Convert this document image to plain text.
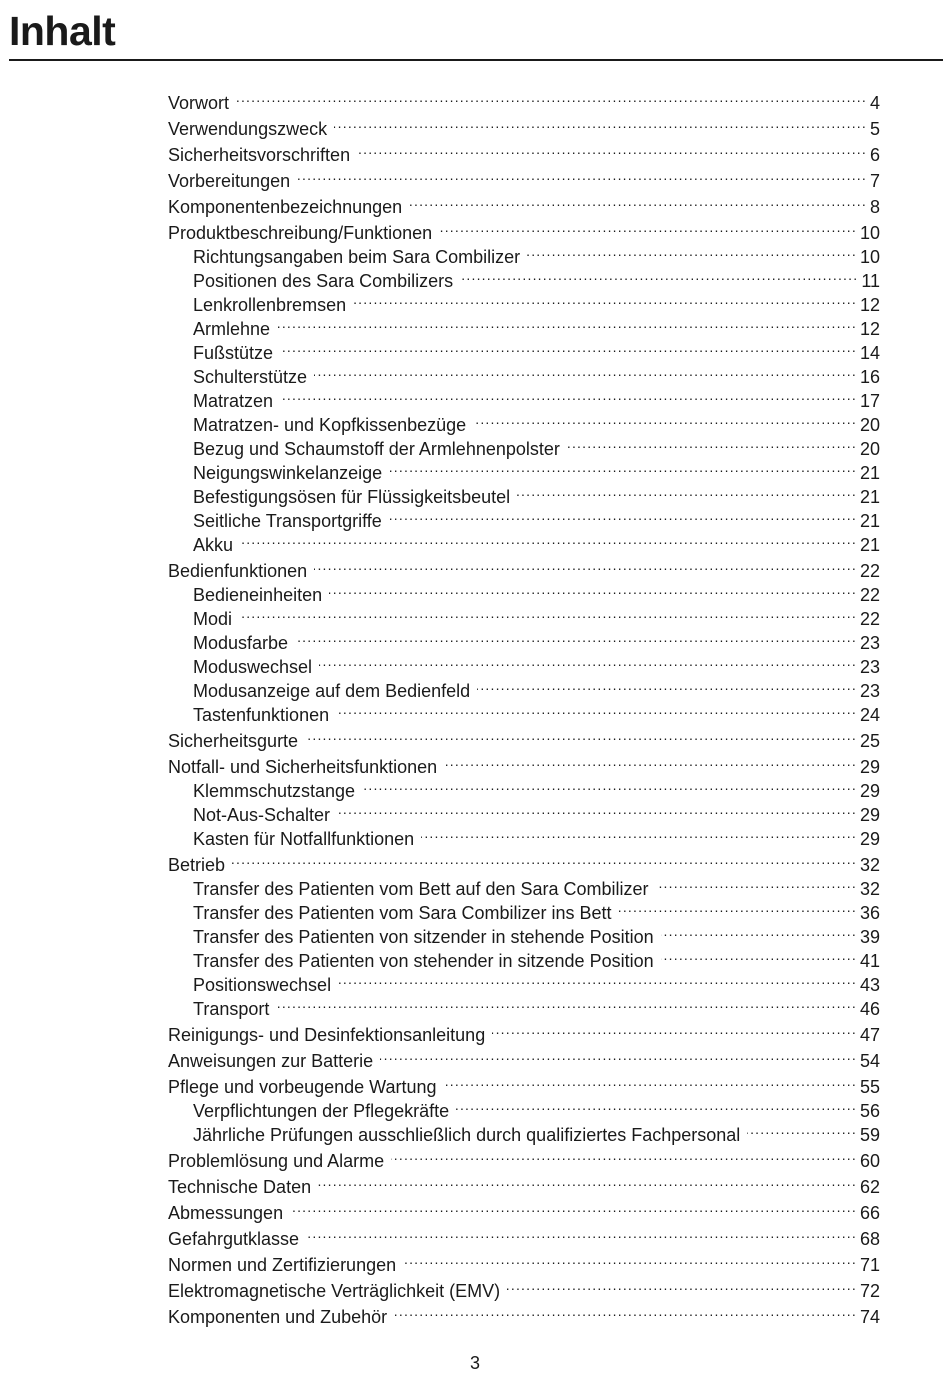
Inhalt
Vorwort .....	4
Verwendungszweck .....	5
Sicherheitsvorschriften .....	6
Vorbereitungen .....	7
Komponentenbezeichnungen .....	8
Produktbeschreibung/Funktionen .....	10
Richtungsangaben beim Sara Combilizer .....	10
Positionen des Sara Combilizers .....	11
Lenkrollenbremsen .....	12
Armlehne .....	12
Fußstütze .....	14
Schulterstütze .....	16
Matratzen .....	17
Matratzen- und Kopfkissenbezüge .....	20
Bezug und Schaumstoff der Armlehnenpolster .....	20
Neigungswinkelanzeige .....	21
Befestigungsösen für Flüssigkeitsbeutel .....	21
Seitliche Transportgriffe .....	21
Akku .....	21
Bedienfunktionen .....	22
Bedieneinheiten .....	22
Modi .....	22
Modusfarbe .....	23
Moduswechsel .....	23
Modusanzeige auf dem Bedienfeld .....	23
Tastenfunktionen .....	24
Sicherheitsgurte .....	25
Notfall- und Sicherheitsfunktionen .....	29
Klemmschutzstange .....	29
Not-Aus-Schalter .....	29
Kasten für Notfallfunktionen .....	29
Betrieb .....	32
Transfer des Patienten vom Bett auf den Sara Combilizer .....	32
Transfer des Patienten vom Sara Combilizer ins Bett .....	36
Transfer des Patienten von sitzender in stehende Position .....	39
Transfer des Patienten von stehender in sitzende Position .....	41
Positionswechsel .....	43
Transport .....	46
Reinigungs- und Desinfektionsanleitung .....	47
Anweisungen zur Batterie .....	54
Pflege und vorbeugende Wartung .....	55
Verpflichtungen der Pflegekräfte .....	56
Jährliche Prüfungen ausschließlich durch qualifiziertes Fachpersonal .....	59
Problemlösung und Alarme .....	60
Technische Daten .....	62
Abmessungen .....	66
Gefahrgutklasse .....	68
Normen und Zertifizierungen .....	71
Elektromagnetische Verträglichkeit (EMV) .....	72
Komponenten und Zubehör .....	74
3
